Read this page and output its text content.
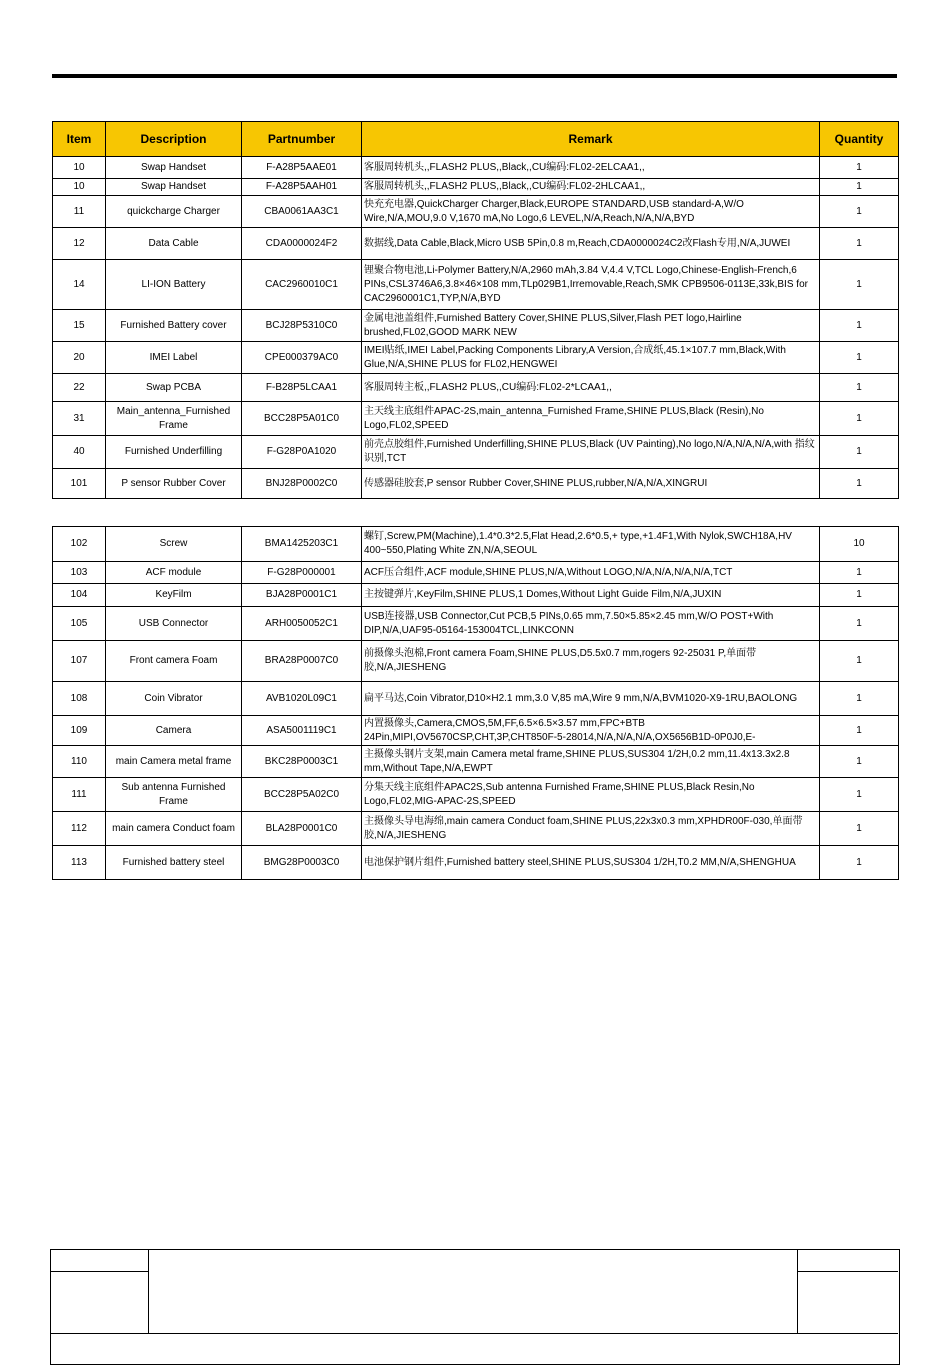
Item	Description	Partnumber	Remark	Quantity
10	Swap Handset	F-A28P5AAE01	客服周转机头,,FLASH2 PLUS,,Black,,CU编码:FL02-2ELCAA1,,	1
10	Swap Handset	F-A28P5AAH01	客服周转机头,,FLASH2 PLUS,,Black,,CU编码:FL02-2HLCAA1,,	1
11	quickcharge Charger	CBA0061AA3C1	快充充电器,QuickCharger Charger,Black,EUROPE STANDARD,USB standard-A,W/O Wire,N/A,MOU,9.0 V,1670 mA,No Logo,6 LEVEL,N/A,Reach,N/A,N/A,BYD	1
12	Data Cable	CDA0000024F2	数据线,Data Cable,Black,Micro USB 5Pin,0.8 m,Reach,CDA0000024C2改Flash专用,N/A,JUWEI	1
14	LI-ION Battery	CAC2960010C1	锂聚合物电池,Li-Polymer Battery,N/A,2960 mAh,3.84 V,4.4 V,TCL Logo,Chinese-English-French,6 PINs,CSL3746A6,3.8×46×108 mm,TLp029B1,Irremovable,Reach,SMK CPB9506-0113E,33k,BIS for CAC2960001C1,TYP,N/A,BYD	1
15	Furnished Battery cover	BCJ28P5310C0	金属电池盖组件,Furnished Battery Cover,SHINE PLUS,Silver,Flash PET logo,Hairline brushed,FL02,GOOD MARK NEW	1
20	IMEI Label	CPE000379AC0	IMEI贴纸,IMEI Label,Packing Components Library,A Version,合成纸,45.1×107.7 mm,Black,With Glue,N/A,SHINE PLUS for FL02,HENGWEI	1
22	Swap PCBA	F-B28P5LCAA1	客服周转主板,,FLASH2 PLUS,,CU编码:FL02-2*LCAA1,,	1
31	Main_antenna_Furnished Frame	BCC28P5A01C0	主天线主底组件APAC-2S,main_antenna_Furnished Frame,SHINE PLUS,Black (Resin),No Logo,FL02,SPEED	1
40	Furnished Underfilling	F-G28P0A1020	前壳点胶组件,Furnished Underfilling,SHINE PLUS,Black (UV Painting),No logo,N/A,N/A,N/A,with 指纹识别,TCT	1
101	P sensor Rubber Cover	BNJ28P0002C0	传感器硅胶套,P sensor Rubber Cover,SHINE PLUS,rubber,N/A,N/A,XINGRUI	1
102	Screw	BMA1425203C1	螺钉,Screw,PM(Machine),1.4*0.3*2.5,Flat Head,2.6*0.5,+ type,+1.4F1,With Nylok,SWCH18A,HV 400~550,Plating White ZN,N/A,SEOUL	10
103	ACF module	F-G28P000001	ACF压合组件,ACF module,SHINE PLUS,N/A,Without LOGO,N/A,N/A,N/A,N/A,TCT	1
104	KeyFilm	BJA28P0001C1	主按键弹片,KeyFilm,SHINE PLUS,1 Domes,Without Light Guide Film,N/A,JUXIN	1
105	USB Connector	ARH0050052C1	USB连接器,USB Connector,Cut PCB,5 PINs,0.65 mm,7.50×5.85×2.45 mm,W/O POST+With DIP,N/A,UAF95-05164-153004TCL,LINKCONN	1
107	Front camera Foam	BRA28P0007C0	前摄像头泡棉,Front camera Foam,SHINE PLUS,D5.5x0.7 mm,rogers 92-25031 P,单面带胶,N/A,JIESHENG	1
108	Coin Vibrator	AVB1020L09C1	扁平马达,Coin Vibrator,D10×H2.1 mm,3.0 V,85 mA,Wire 9 mm,N/A,BVM1020-X9-1RU,BAOLONG	1
109	Camera	ASA5001119C1	内置摄像头,Camera,CMOS,5M,FF,6.5×6.5×3.57 mm,FPC+BTB 24Pin,MIPI,OV5670CSP,CHT,3P,CHT850F-5-28014,N/A,N/A,N/A,OX5656B1D-0P0J0,E-	1
110	main Camera metal frame	BKC28P0003C1	主摄像头钢片支架,main Camera metal frame,SHINE PLUS,SUS304 1/2H,0.2 mm,11.4x13.3x2.8 mm,Without Tape,N/A,EWPT	1
111	Sub antenna Furnished Frame	BCC28P5A02C0	分集天线主底组件APAC2S,Sub antenna Furnished Frame,SHINE PLUS,Black Resin,No Logo,FL02,MIG-APAC-2S,SPEED	1
112	main camera Conduct foam	BLA28P0001C0	主摄像头导电海绵,main camera Conduct foam,SHINE PLUS,22x3x0.3 mm,XPHDR00F-030,单面带胶,N/A,JIESHENG	1
113	Furnished battery steel	BMG28P0003C0	电池保护钢片组件,Furnished battery steel,SHINE PLUS,SUS304 1/2H,T0.2 MM,N/A,SHENGHUA	1
